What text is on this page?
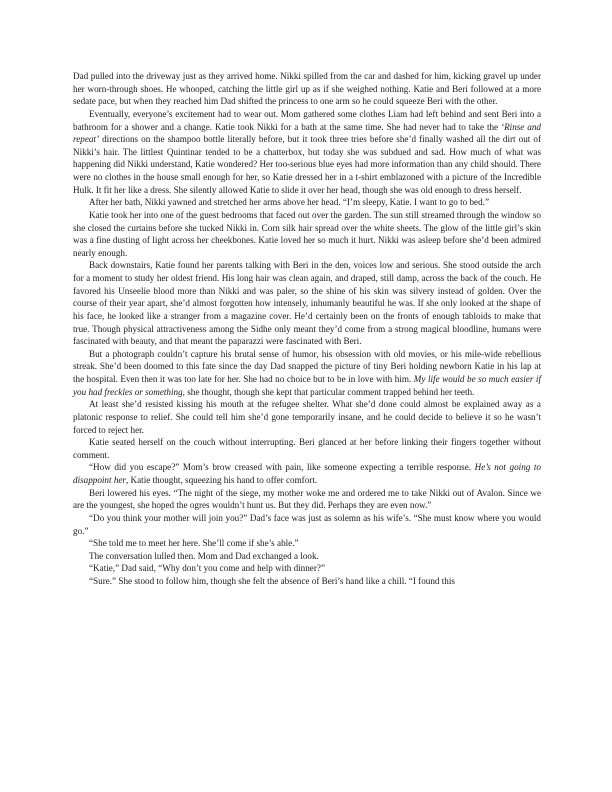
Dad pulled into the driveway just as they arrived home. Nikki spilled from the car and dashed for him, kicking gravel up under her worn-through shoes. He whooped, catching the little girl up as if she weighed nothing. Katie and Beri followed at a more sedate pace, but when they reached him Dad shifted the princess to one arm so he could squeeze Beri with the other.

Eventually, everyone’s excitement had to wear out. Mom gathered some clothes Liam had left behind and sent Beri into a bathroom for a shower and a change. Katie took Nikki for a bath at the same time. She had never had to take the ‘Rinse and repeat’ directions on the shampoo bottle literally before, but it took three tries before she’d finally washed all the dirt out of Nikki’s hair. The littlest Quintinar tended to be a chatterbox, but today she was subdued and sad. How much of what was happening did Nikki understand, Katie wondered? Her too-serious blue eyes had more information than any child should. There were no clothes in the house small enough for her, so Katie dressed her in a t-shirt emblazoned with a picture of the Incredible Hulk. It fit her like a dress. She silently allowed Katie to slide it over her head, though she was old enough to dress herself.

After her bath, Nikki yawned and stretched her arms above her head. “I’m sleepy, Katie. I want to go to bed.”

Katie took her into one of the guest bedrooms that faced out over the garden. The sun still streamed through the window so she closed the curtains before she tucked Nikki in. Corn silk hair spread over the white sheets. The glow of the little girl’s skin was a fine dusting of light across her cheekbones. Katie loved her so much it hurt. Nikki was asleep before she’d been admired nearly enough.

Back downstairs, Katie found her parents talking with Beri in the den, voices low and serious. She stood outside the arch for a moment to study her oldest friend. His long hair was clean again, and draped, still damp, across the back of the couch. He favored his Unseelie blood more than Nikki and was paler, so the shine of his skin was silvery instead of golden. Over the course of their year apart, she’d almost forgotten how intensely, inhumanly beautiful he was. If she only looked at the shape of his face, he looked like a stranger from a magazine cover. He’d certainly been on the fronts of enough tabloids to make that true. Though physical attractiveness among the Sidhe only meant they’d come from a strong magical bloodline, humans were fascinated with beauty, and that meant the paparazzi were fascinated with Beri.

But a photograph couldn’t capture his brutal sense of humor, his obsession with old movies, or his mile-wide rebellious streak. She’d been doomed to this fate since the day Dad snapped the picture of tiny Beri holding newborn Katie in his lap at the hospital. Even then it was too late for her. She had no choice but to be in love with him. My life would be so much easier if you had freckles or something, she thought, though she kept that particular comment trapped behind her teeth.

At least she’d resisted kissing his mouth at the refugee shelter. What she’d done could almost be explained away as a platonic response to relief. She could tell him she’d gone temporarily insane, and he could decide to believe it so he wasn’t forced to reject her.

Katie seated herself on the couch without interrupting. Beri glanced at her before linking their fingers together without comment.

“How did you escape?” Mom’s brow creased with pain, like someone expecting a terrible response. He’s not going to disappoint her, Katie thought, squeezing his hand to offer comfort.

Beri lowered his eyes. “The night of the siege, my mother woke me and ordered me to take Nikki out of Avalon. Since we are the youngest, she hoped the ogres wouldn’t hunt us. But they did. Perhaps they are even now.”

“Do you think your mother will join you?” Dad’s face was just as solemn as his wife’s. “She must know where you would go.”

“She told me to meet her here. She’ll come if she’s able.”

The conversation lulled then. Mom and Dad exchanged a look.

“Katie,” Dad said, “Why don’t you come and help with dinner?”

“Sure.” She stood to follow him, though she felt the absence of Beri’s hand like a chill. “I found this
